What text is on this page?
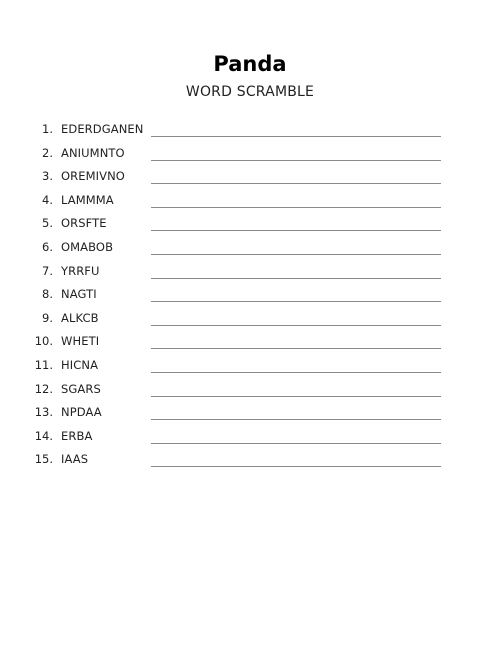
Panda
WORD SCRAMBLE
1. EDERDGANEN
2. ANIUMNTO
3. OREMIVNO
4. LAMMMA
5. ORSFTE
6. OMABOB
7. YRRFU
8. NAGTI
9. ALKCB
10. WHETI
11. HICNA
12. SGARS
13. NPDAA
14. ERBA
15. IAAS
